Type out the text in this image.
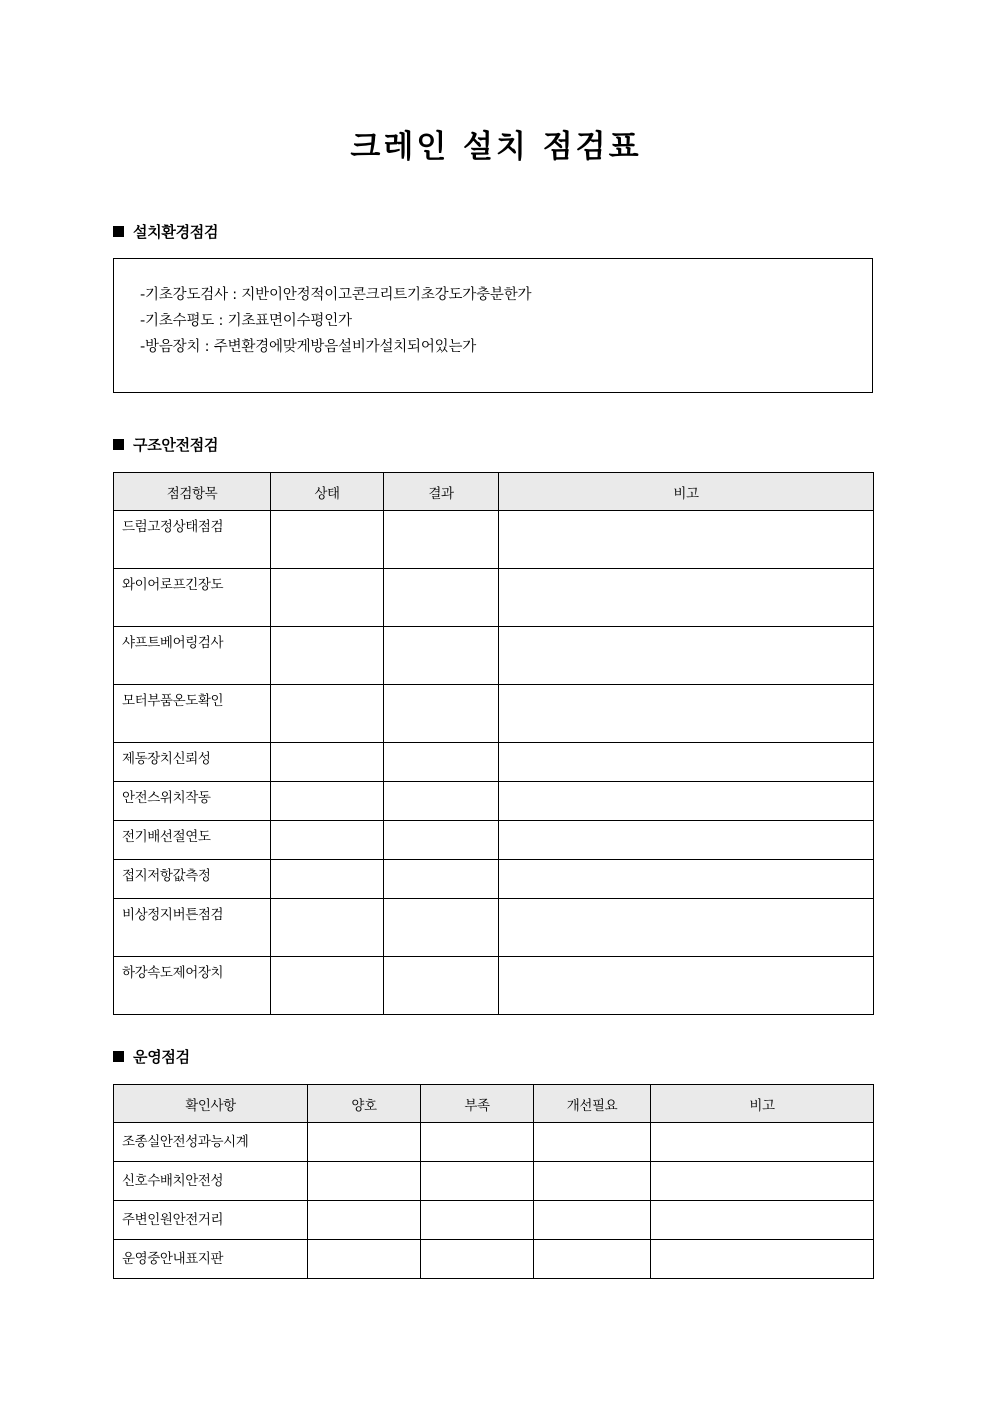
크레인 설치 점검표
설치환경점검
-기초강도검사 : 지반이안정적이고콘크리트기초강도가충분한가
-기초수평도 : 기초표면이수평인가
-방음장치 : 주변환경에맞게방음설비가설치되어있는가
구조안전점검
점검항목	상태	결과	비고
드럼고정상태점검			
와이어로프긴장도			
샤프트베어링검사			
모터부품온도확인			
제동장치신뢰성			
안전스위치작동			
전기배선절연도			
접지저항값측정			
비상정지버튼점검			
하강속도제어장치			
운영점검
확인사항	양호	부족	개선필요	비고
조종실안전성과능시계				
신호수배치안전성				
주변인원안전거리				
운영중안내표지판				
